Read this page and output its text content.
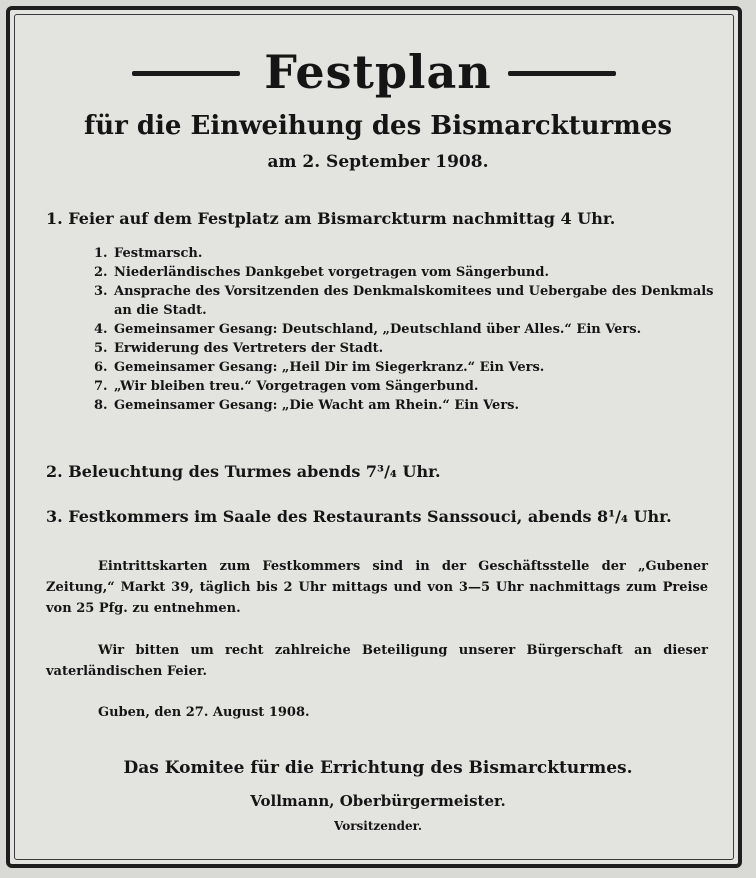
Festplan
für die Einweihung des Bismarckturmes
am 2. September 1908.
1. Feier auf dem Festplatz am Bismarckturm nachmittag 4 Uhr.
1. Festmarsch.
2. Niederländisches Dankgebet vorgetragen vom Sängerbund.
3. Ansprache des Vorsitzenden des Denkmalskomitees und Uebergabe des Denkmals an die Stadt.
4. Gemeinsamer Gesang: Deutschland, „Deutschland über Alles.“ Ein Vers.
5. Erwiderung des Vertreters der Stadt.
6. Gemeinsamer Gesang: „Heil Dir im Siegerkranz.“ Ein Vers.
7. „Wir bleiben treu.“ Vorgetragen vom Sängerbund.
8. Gemeinsamer Gesang: „Die Wacht am Rhein.“ Ein Vers.
2. Beleuchtung des Turmes abends 7³/₄ Uhr.
3. Festkommers im Saale des Restaurants Sanssouci, abends 8¹/₄ Uhr.
Eintrittskarten zum Festkommers sind in der Geschäftsstelle der „Gubener Zeitung,“ Markt 39, täglich bis 2 Uhr mittags und von 3—5 Uhr nachmittags zum Preise von 25 Pfg. zu entnehmen.
Wir bitten um recht zahlreiche Beteiligung unserer Bürgerschaft an dieser vaterländischen Feier.
Guben, den 27. August 1908.
Das Komitee für die Errichtung des Bismarckturmes.
Vollmann, Oberbürgermeister.
Vorsitzender.
